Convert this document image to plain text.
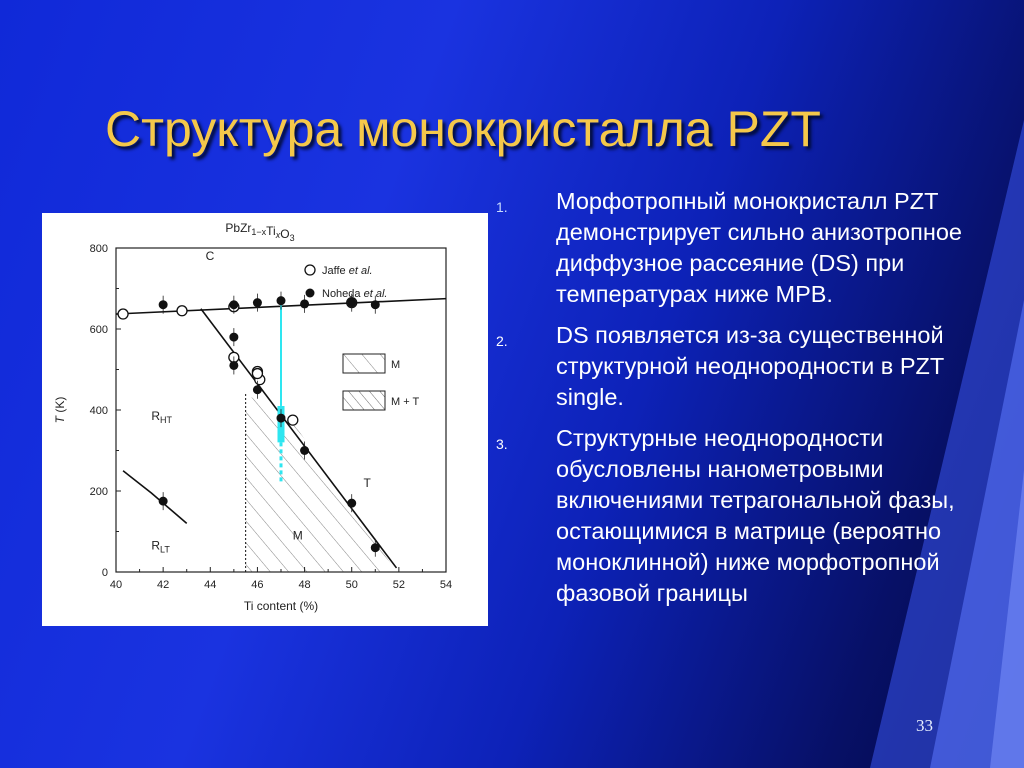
Структура монокристалла PZT
$PbZr_{1-x}Ti_xO_3$
40	42	44	46	48	50	52	54
0
200
400
600
800
Ti content (%)
T (K)
C
T
M
$R_{HT}$
$R_{LT}$
Jaffe et al.
Noheda et al.
M
M + T
1. Морфотропный монокристалл PZT демонстрирует сильно анизотропное диффузное рассеяние (DS) при температурах ниже MPB.
2. DS появляется из-за существенной структурной неоднородности в PZT single.
3. Структурные неоднородности обусловлены нанометровыми включениями тетрагональной фазы, остающимися в матрице (вероятно моноклинной) ниже морфотропной фазовой границы
33
